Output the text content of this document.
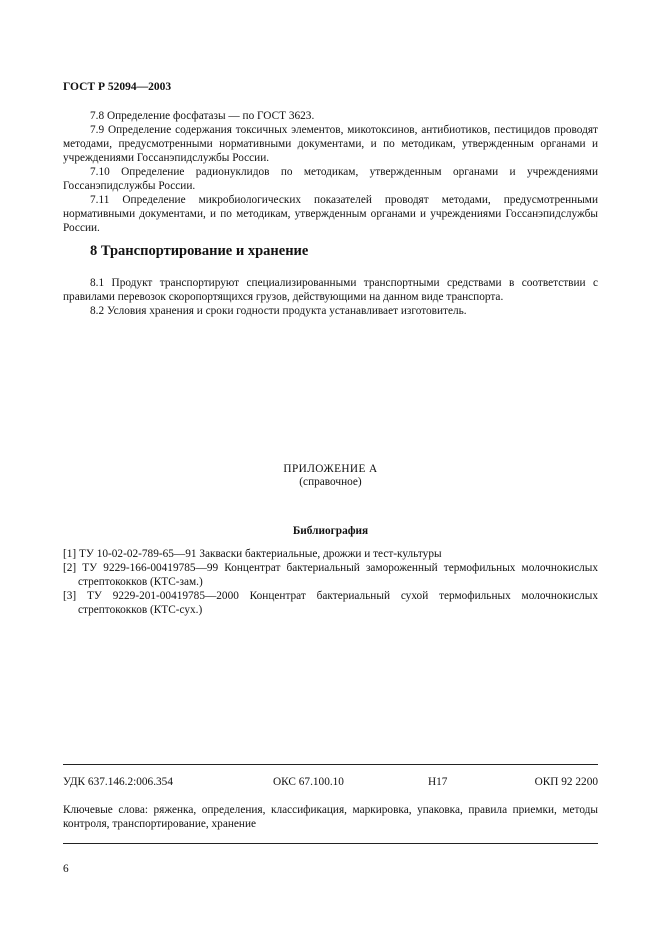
ГОСТ Р 52094—2003

7.8 Определение фосфатазы — по ГОСТ 3623.

7.9 Определение содержания токсичных элементов, микотоксинов, антибиотиков, пестицидов проводят методами, предусмотренными нормативными документами, и по методикам, утвержденным органами и учреждениями Госсанэпидслужбы России.

7.10 Определение радионуклидов по методикам, утвержденным органами и учреждениями Госсанэпидслужбы России.

7.11 Определение микробиологических показателей проводят методами, предусмотренными нормативными документами, и по методикам, утвержденным органами и учреждениями Госсанэпидслужбы России.

8 Транспортирование и хранение

8.1 Продукт транспортируют специализированными транспортными средствами в соответствии с правилами перевозок скоропортящихся грузов, действующими на данном виде транспорта.

8.2 Условия хранения и сроки годности продукта устанавливает изготовитель.

ПРИЛОЖЕНИЕ А
(справочное)
Библиография

[1] ТУ 10-02-02-789-65—91 Закваски бактериальные, дрожжи и тест-культуры

[2] ТУ 9229-166-00419785—99 Концентрат бактериальный замороженный термофильных молочнокислых стрептококков (КТС-зам.)

[3] ТУ 9229-201-00419785—2000 Концентрат бактериальный сухой термофильных молочнокислых стрептококков (КТС-сух.)

УДК 637.146.2:006.354	ОКС 67.100.10	Н17	ОКП 92 2200
Ключевые слова: ряженка, определения, классификация, маркировка, упаковка, правила приемки, методы контроля, транспортирование, хранение
6
